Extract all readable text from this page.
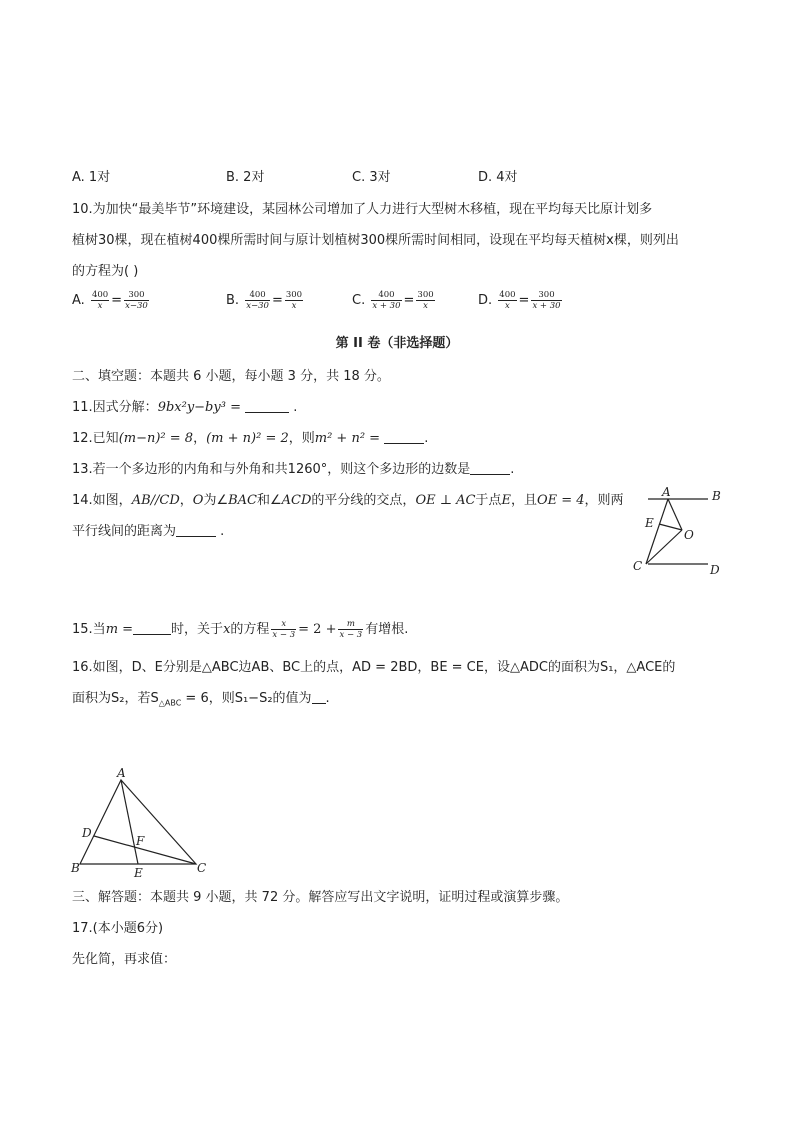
A. 1对	B. 2对	C. 3对	D. 4对
10.为加快“最美毕节”环境建设，某园林公司增加了人力进行大型树木移植，现在平均每天比原计划多
植树30棵，现在植树400棵所需时间与原计划植树300棵所需时间相同，设现在平均每天植树x棵，则列出
的方程为( )
A. $\frac{400}{x} = \frac{300}{x-30}$	B. $\frac{400}{x-30} = \frac{300}{x}$	C. $\frac{400}{x + 30} = \frac{300}{x}$	D. $\frac{400}{x} = \frac{300}{x + 30}$
第 II 卷（非选择题）
二、填空题：本题共 6 小题，每小题 3 分，共 18 分。
11.因式分解：9bx²y−by³ =	.
12.已知(m−n)² = 8，(m + n)² = 2，则m² + n² =	.
13.若一个多边形的内角和与外角和共1260°，则这个多边形的边数是	.
14.如图，AB//CD，O为∠BAC和∠ACD的平分线的交点，OE ⊥ AC于点E，且OE = 4，则两
平行线间的距离为	.
A	B
C	D
E
O
15.当m =	时，关于x的方程 $\frac{x}{x - 3} = 2 + \frac{m}{x - 3}$ 有增根.
16.如图，D、E分别是△ABC边AB、BC上的点，AD = 2BD，BE = CE，设△ADC的面积为S₁，△ACE的
面积为S₂，若$S_{\triangle ABC} = 6$，则S₁−S₂的值为 .
A
B	C
D
E
F
三、解答题：本题共 9 小题，共 72 分。解答应写出文字说明，证明过程或演算步骤。
17.(本小题6分)
先化简，再求值：
